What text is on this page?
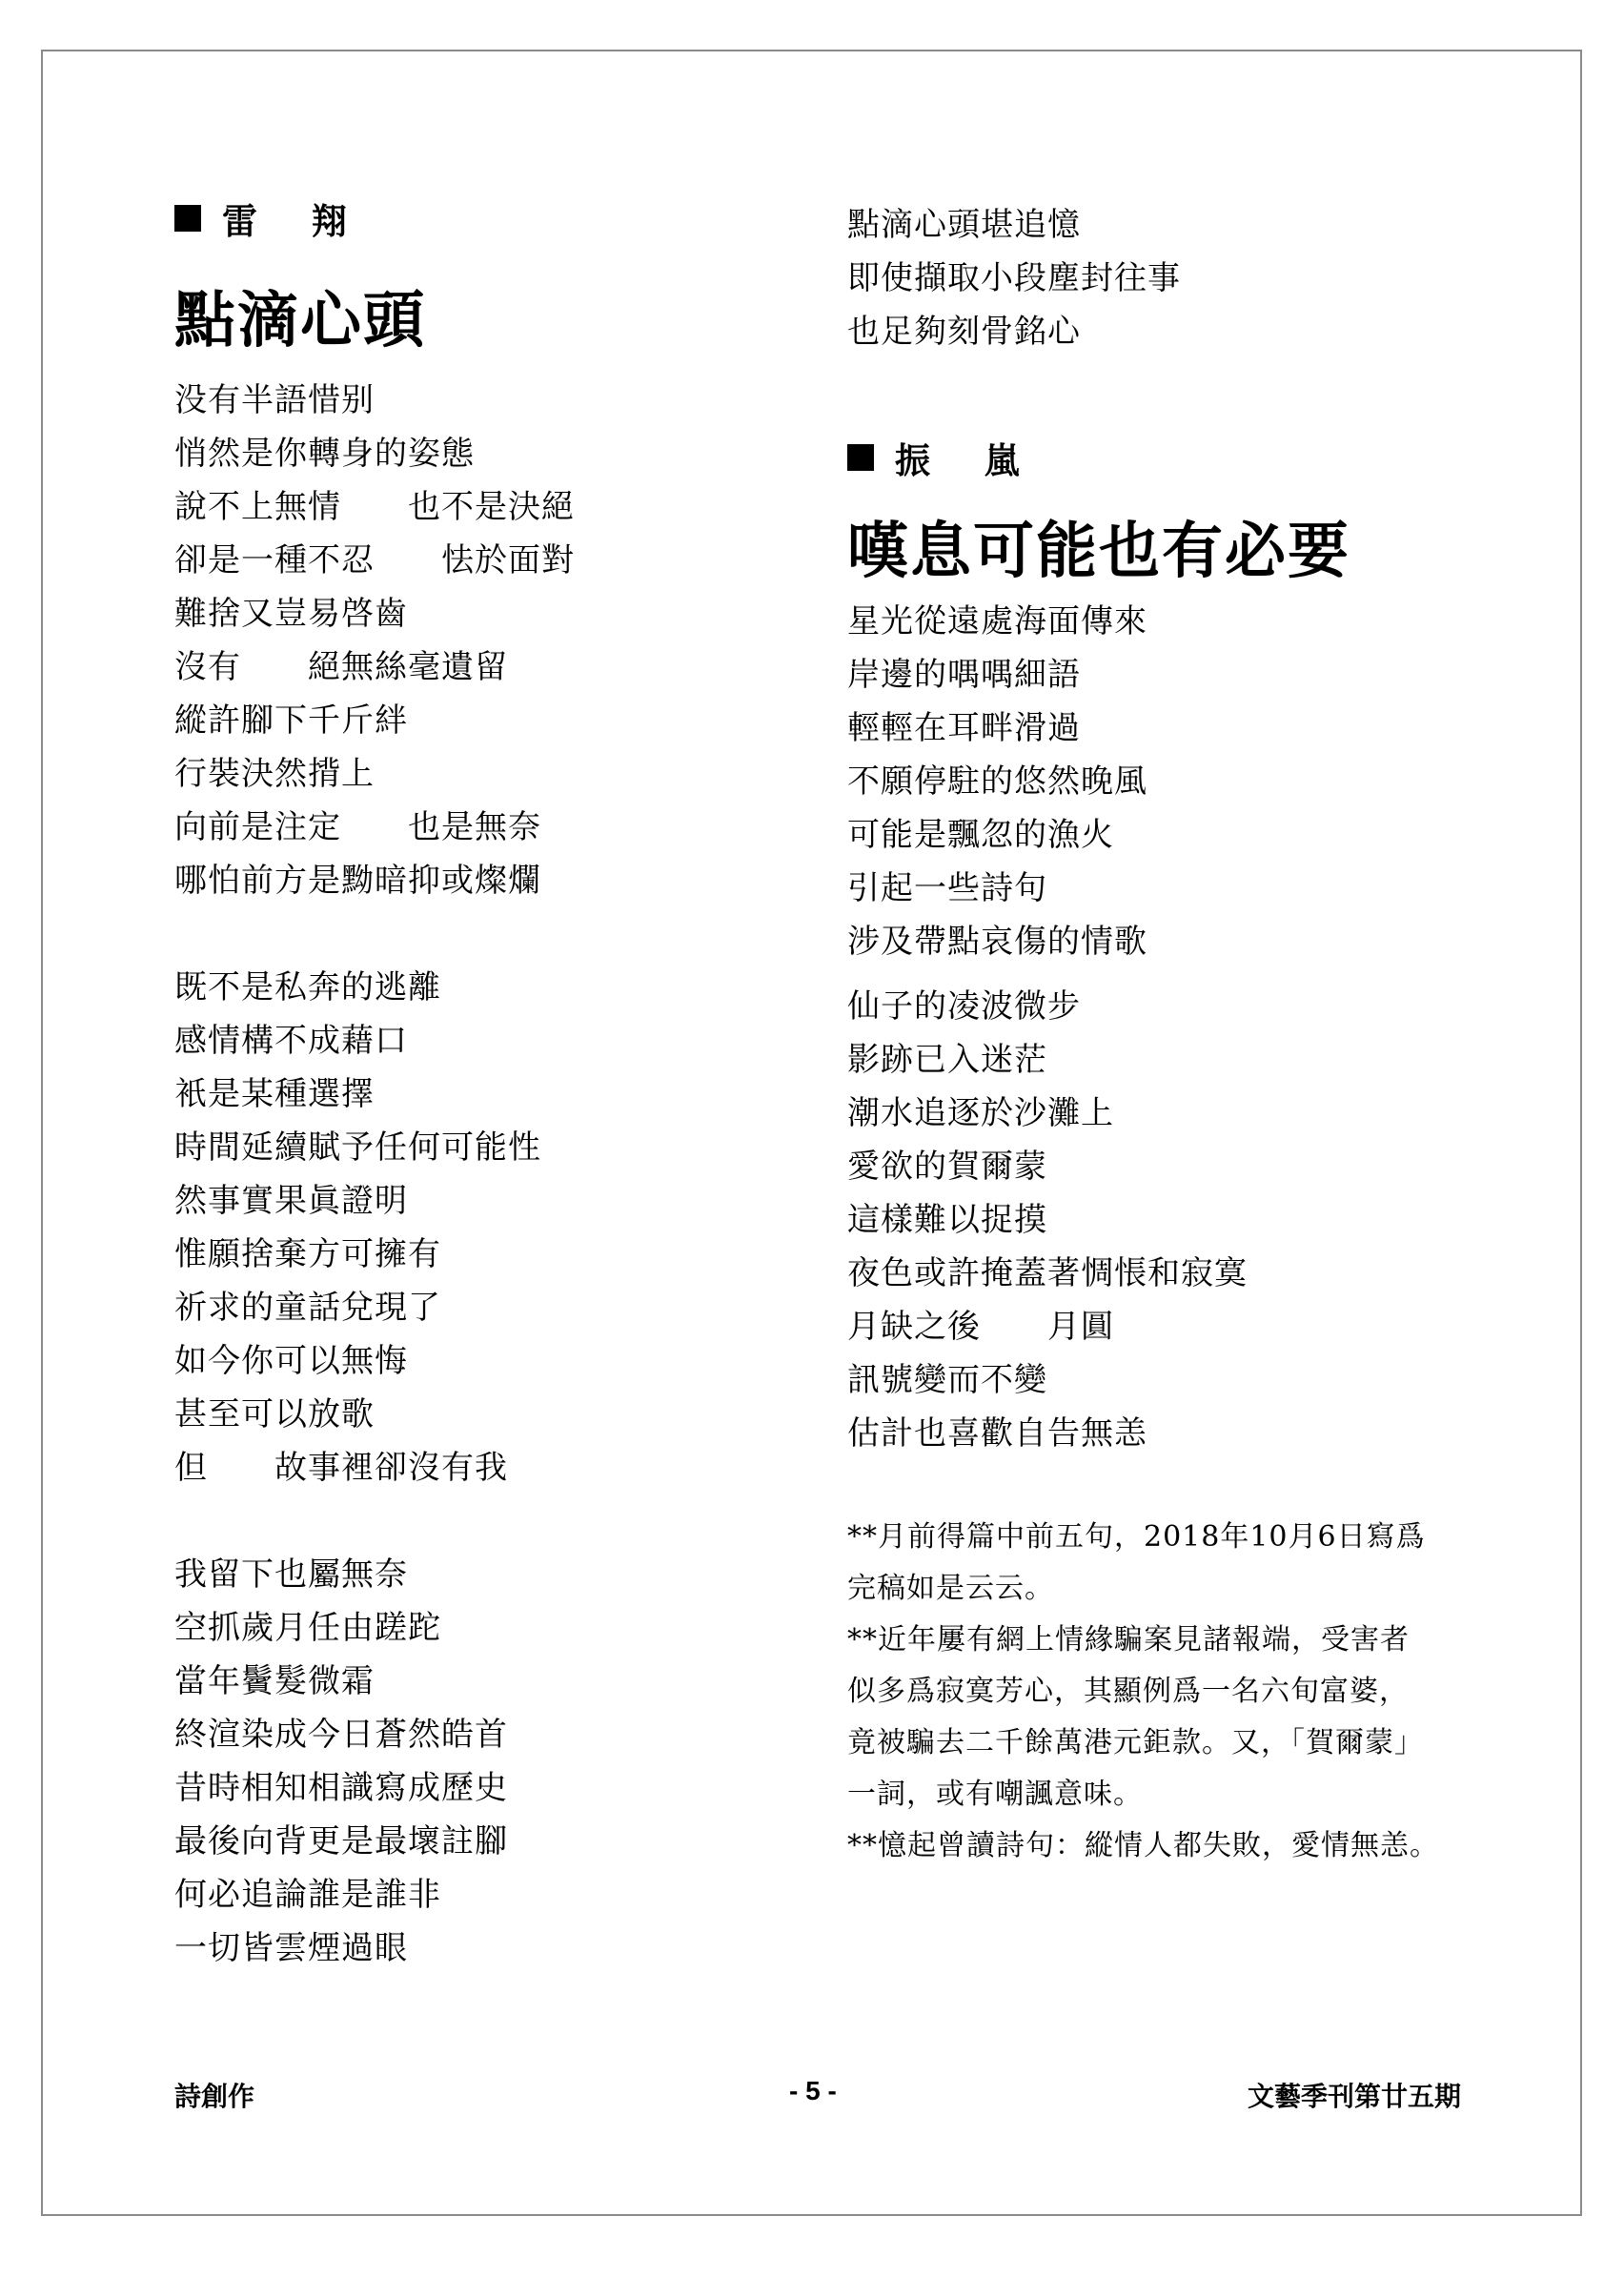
雷 翔
點滴心頭
没有半語惜别
悄然是你轉身的姿態
說不上無情　　也不是決絕
卻是一種不忍　　怯於面對
難捨又豈易啓齒
沒有　　絕無絲毫遺留
縱許腳下千斤絆
行裝決然揹上
向前是注定　　也是無奈
哪怕前方是黝暗抑或燦爛
既不是私奔的逃離
感情構不成藉口
衹是某種選擇
時間延續賦予任何可能性
然事實果眞證明
惟願捨棄方可擁有
祈求的童話兌現了
如今你可以無悔
甚至可以放歌
但　　故事裡卻沒有我
我留下也屬無奈
空抓歲月任由蹉跎
當年鬢髮微霜
終渲染成今日蒼然皓首
昔時相知相識寫成歷史
最後向背更是最壞註腳
何必追論誰是誰非
一切皆雲煙過眼
點滴心頭堪追憶
即使擷取小段塵封往事
也足夠刻骨銘心
振 嵐
嘆息可能也有必要
星光從遠處海面傳來
岸邊的喁喁細語
輕輕在耳畔滑過
不願停駐的悠然晚風
可能是飄忽的漁火
引起一些詩句
涉及帶點哀傷的情歌
仙子的凌波微步
影跡已入迷茫
潮水追逐於沙灘上
愛欲的賀爾蒙
這樣難以捉摸
夜色或許掩蓋著惆悵和寂寞
月缺之後　　月圓
訊號變而不變
估計也喜歡自告無恙
**月前得篇中前五句，2018年10月6日寫爲
完稿如是云云。
**近年屢有網上情緣騙案見諸報端，受害者
似多爲寂寞芳心，其顯例爲一名六旬富婆，
竟被騙去二千餘萬港元鉅款。又，「賀爾蒙」
一詞，或有嘲諷意味。
**憶起曾讀詩句：縱情人都失敗，愛情無恙。
詩創作	- 5 -	文藝季刊第廿五期
